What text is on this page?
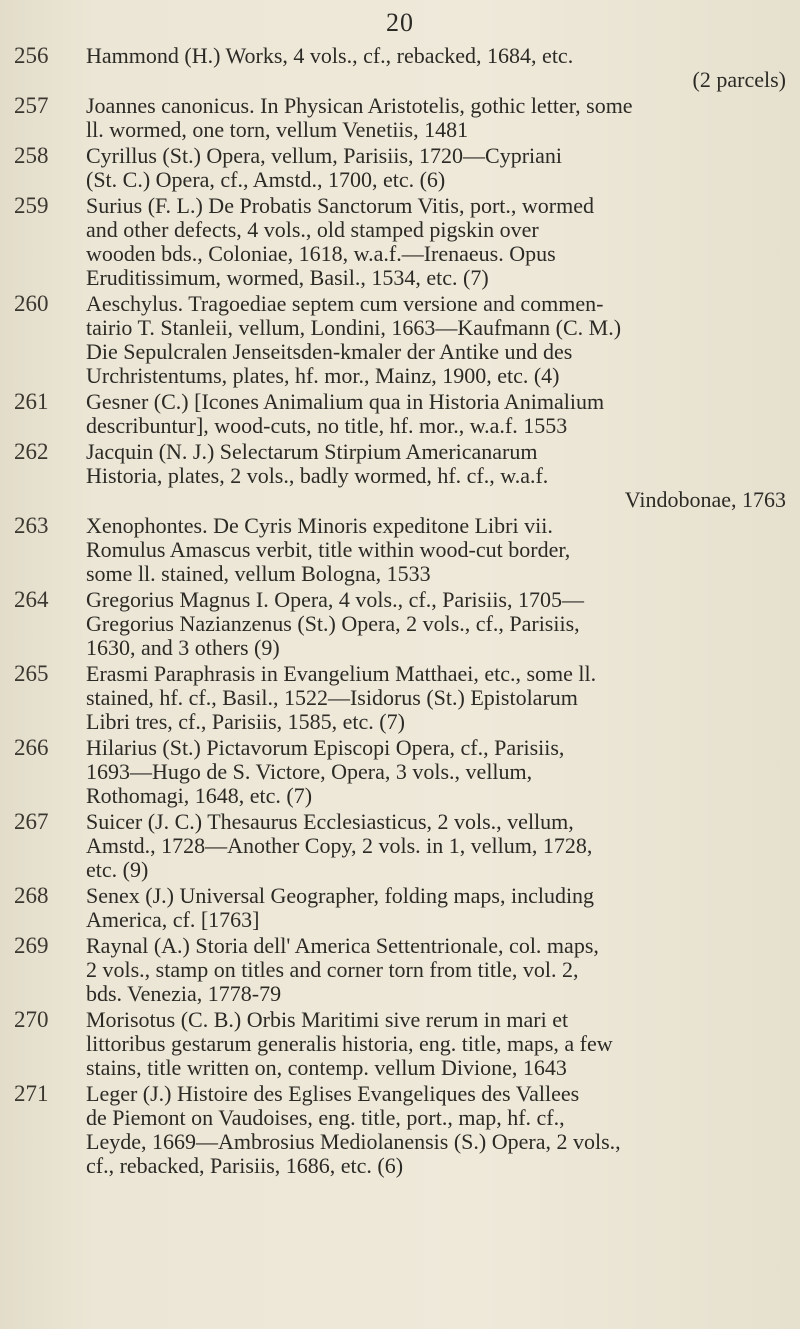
20
256	Hammond (H.) Works, 4 vols., cf., rebacked, 1684, etc.
(2 parcels)
257	Joannes canonicus. In Physican Aristotelis, gothic letter, some
ll. wormed, one torn, vellum Venetiis, 1481
258	Cyrillus (St.) Opera, vellum, Parisiis, 1720—Cypriani
(St. C.) Opera, cf., Amstd., 1700, etc. (6)
259	Surius (F. L.) De Probatis Sanctorum Vitis, port., wormed
and other defects, 4 vols., old stamped pigskin over
wooden bds., Coloniae, 1618, w.a.f.—Irenaeus. Opus
Eruditissimum, wormed, Basil., 1534, etc. (7)
260	Aeschylus. Tragoediae septem cum versione and commen-
tairio T. Stanleii, vellum, Londini, 1663—Kaufmann (C. M.)
Die Sepulcralen Jenseitsden-kmaler der Antike und des
Urchristentums, plates, hf. mor., Mainz, 1900, etc. (4)
261	Gesner (C.) [Icones Animalium qua in Historia Animalium
describuntur], wood-cuts, no title, hf. mor., w.a.f. 1553
262	Jacquin (N. J.) Selectarum Stirpium Americanarum
Historia, plates, 2 vols., badly wormed, hf. cf., w.a.f.
Vindobonae, 1763
263	Xenophontes. De Cyris Minoris expeditone Libri vii.
Romulus Amascus verbit, title within wood-cut border,
some ll. stained, vellum Bologna, 1533
264	Gregorius Magnus I. Opera, 4 vols., cf., Parisiis, 1705—
Gregorius Nazianzenus (St.) Opera, 2 vols., cf., Parisiis,
1630, and 3 others (9)
265	Erasmi Paraphrasis in Evangelium Matthaei, etc., some ll.
stained, hf. cf., Basil., 1522—Isidorus (St.) Epistolarum
Libri tres, cf., Parisiis, 1585, etc. (7)
266	Hilarius (St.) Pictavorum Episcopi Opera, cf., Parisiis,
1693—Hugo de S. Victore, Opera, 3 vols., vellum,
Rothomagi, 1648, etc. (7)
267	Suicer (J. C.) Thesaurus Ecclesiasticus, 2 vols., vellum,
Amstd., 1728—Another Copy, 2 vols. in 1, vellum, 1728,
etc. (9)
268	Senex (J.) Universal Geographer, folding maps, including
America, cf. [1763]
269	Raynal (A.) Storia dell' America Settentrionale, col. maps,
2 vols., stamp on titles and corner torn from title, vol. 2,
bds. Venezia, 1778-79
270	Morisotus (C. B.) Orbis Maritimi sive rerum in mari et
littoribus gestarum generalis historia, eng. title, maps, a few
stains, title written on, contemp. vellum Divione, 1643
271	Leger (J.) Histoire des Eglises Evangeliques des Vallees
de Piemont on Vaudoises, eng. title, port., map, hf. cf.,
Leyde, 1669—Ambrosius Mediolanensis (S.) Opera, 2 vols.,
cf., rebacked, Parisiis, 1686, etc. (6)
